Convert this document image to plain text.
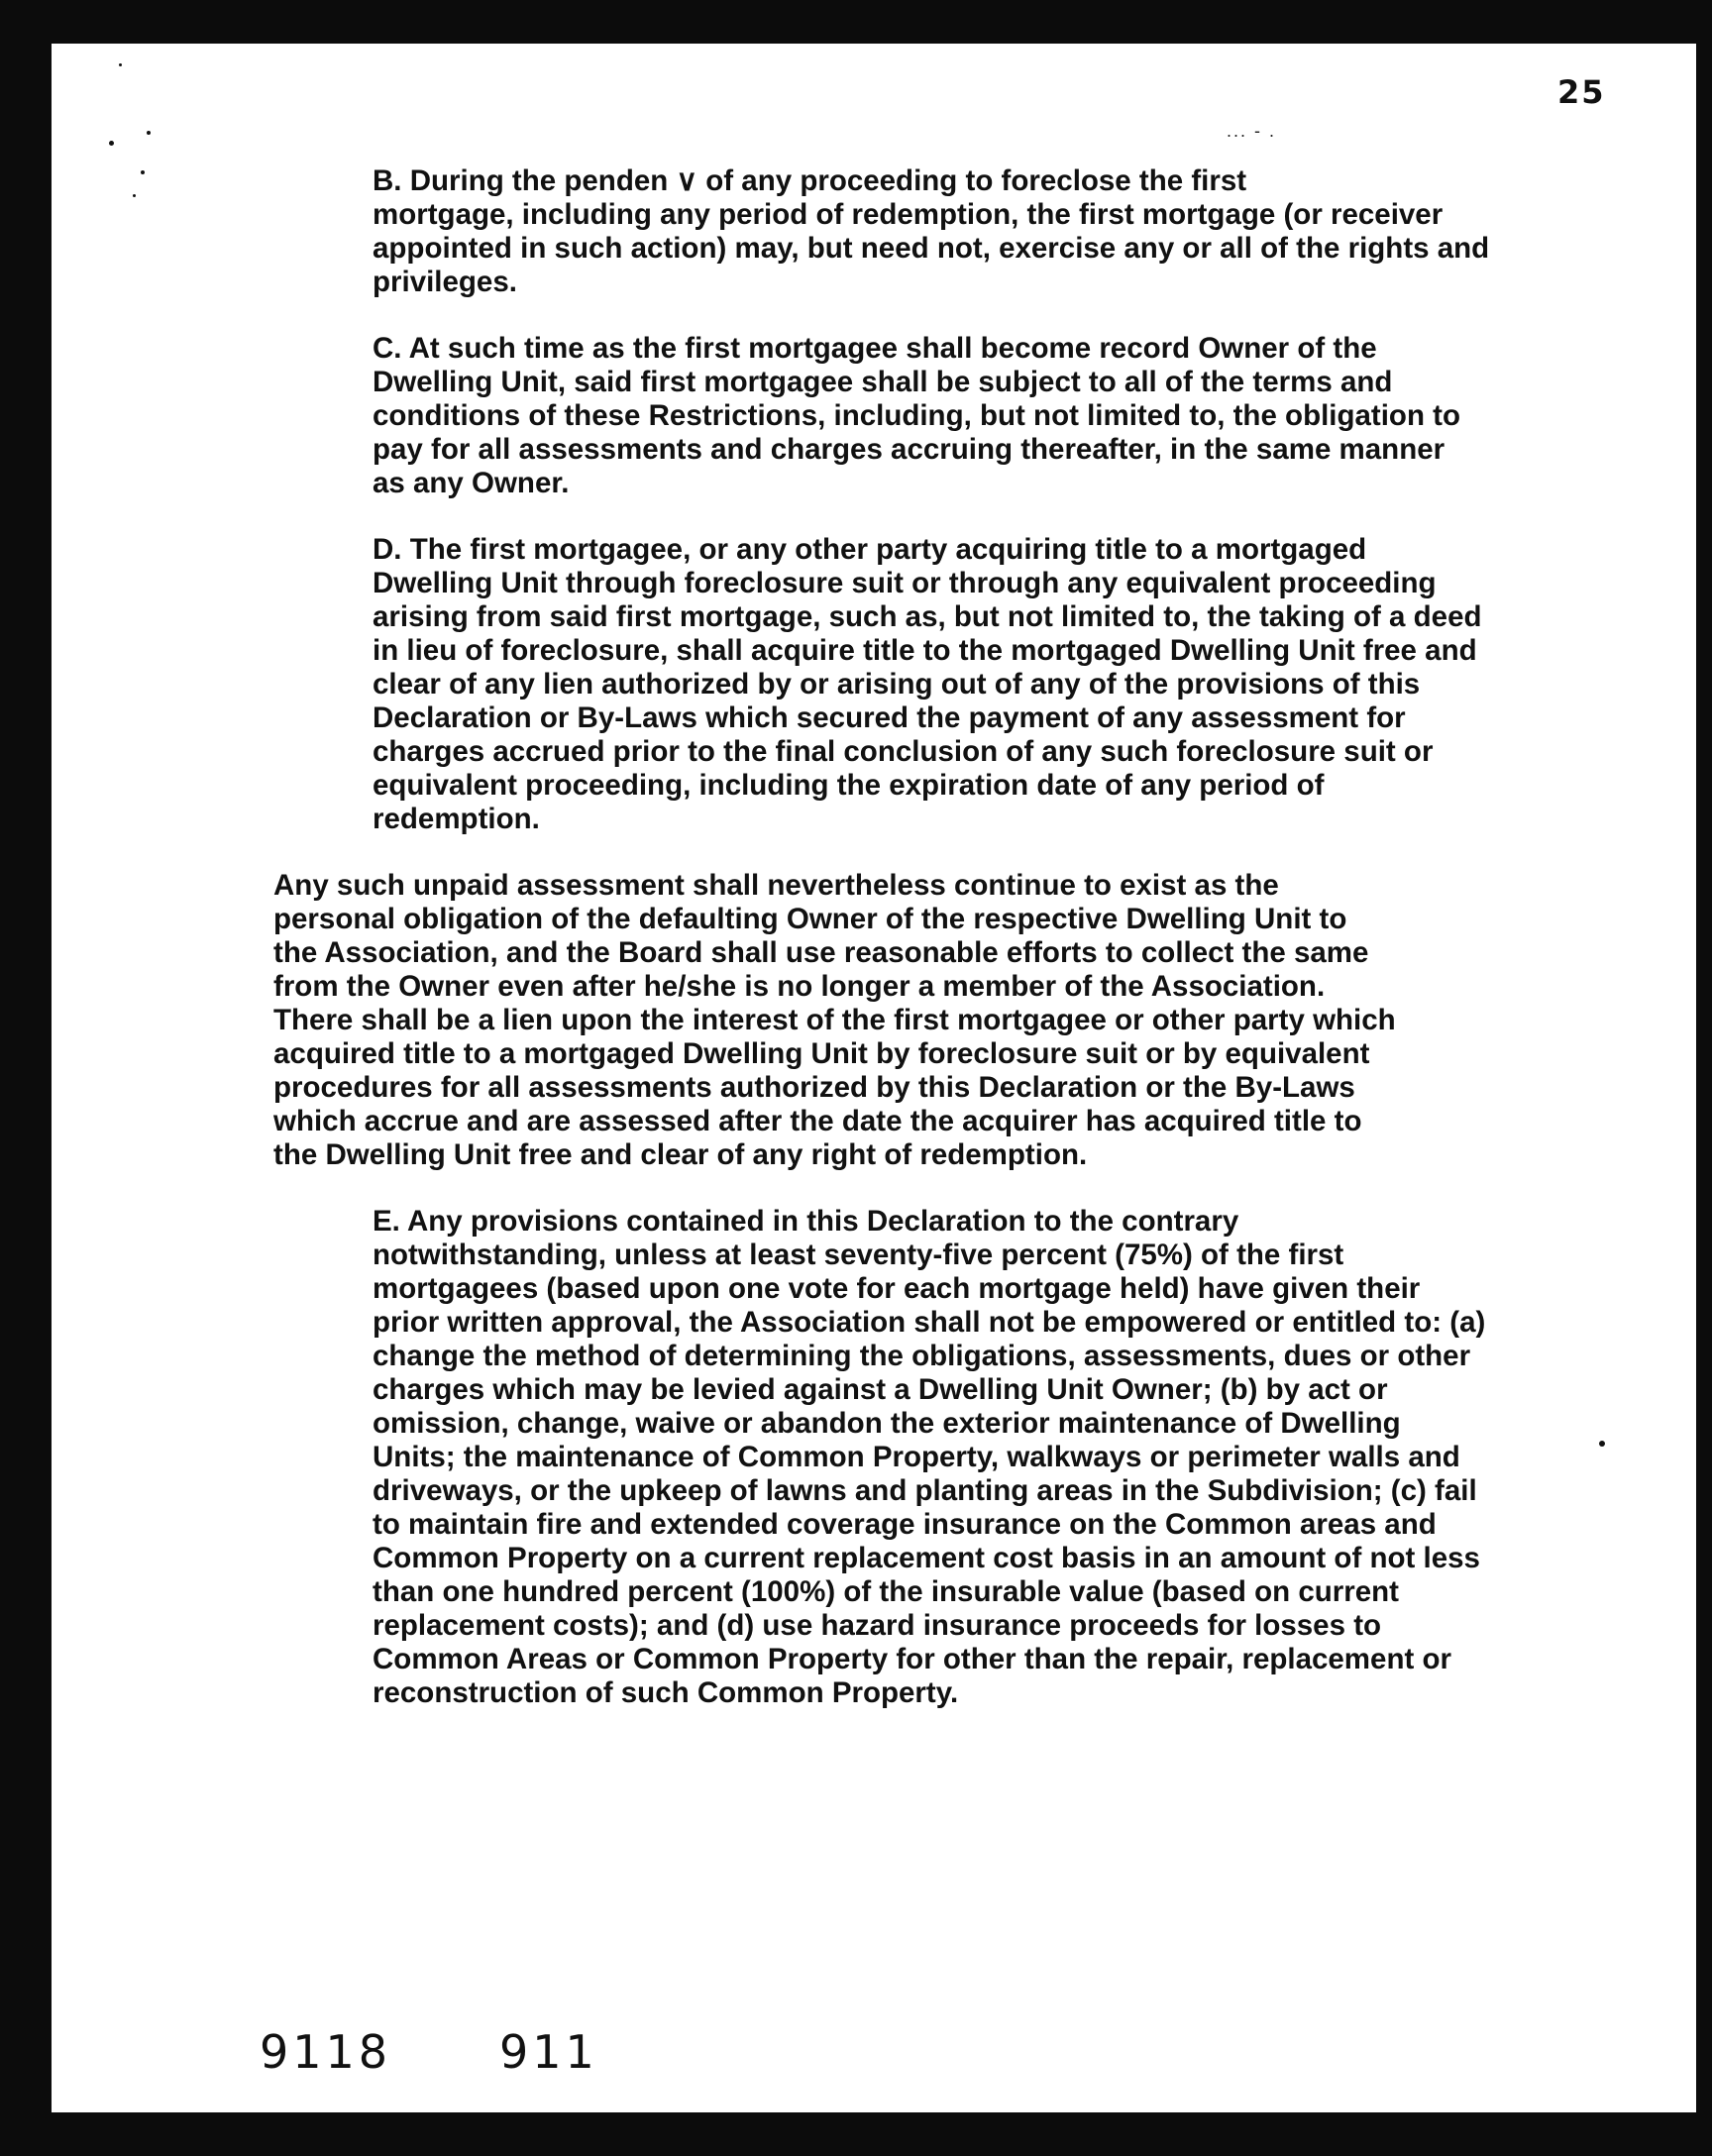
25
... - .

B. During the penden ∨ of any proceeding to foreclose the first
mortgage, including any period of redemption, the first mortgage (or receiver
appointed in such action) may, but need not, exercise any or all of the rights and
privileges.

C. At such time as the first mortgagee shall become record Owner of the
Dwelling Unit, said first mortgagee shall be subject to all of the terms and
conditions of these Restrictions, including, but not limited to, the obligation to
pay for all assessments and charges accruing thereafter, in the same manner
as any Owner.

D. The first mortgagee, or any other party acquiring title to a mortgaged
Dwelling Unit through foreclosure suit or through any equivalent proceeding
arising from said first mortgage, such as, but not limited to, the taking of a deed
in lieu of foreclosure, shall acquire title to the mortgaged Dwelling Unit free and
clear of any lien authorized by or arising out of any of the provisions of this
Declaration or By-Laws which secured the payment of any assessment for
charges accrued prior to the final conclusion of any such foreclosure suit or
equivalent proceeding, including the expiration date of any period of
redemption.

Any such unpaid assessment shall nevertheless continue to exist as the
personal obligation of the defaulting Owner of the respective Dwelling Unit to
the Association, and the Board shall use reasonable efforts to collect the same
from the Owner even after he/she is no longer a member of the Association.
There shall be a lien upon the interest of the first mortgagee or other party which
acquired title to a mortgaged Dwelling Unit by foreclosure suit or by equivalent
procedures for all assessments authorized by this Declaration or the By-Laws
which accrue and are assessed after the date the acquirer has acquired title to
the Dwelling Unit free and clear of any right of redemption.

E. Any provisions contained in this Declaration to the contrary
notwithstanding, unless at least seventy-five percent (75%) of the first
mortgagees (based upon one vote for each mortgage held) have given their
prior written approval, the Association shall not be empowered or entitled to: (a)
change the method of determining the obligations, assessments, dues or other
charges which may be levied against a Dwelling Unit Owner; (b) by act or
omission, change, waive or abandon the exterior maintenance of Dwelling
Units; the maintenance of Common Property, walkways or perimeter walls and
driveways, or the upkeep of lawns and planting areas in the Subdivision; (c) fail
to maintain fire and extended coverage insurance on the Common areas and
Common Property on a current replacement cost basis in an amount of not less
than one hundred percent (100%) of the insurable value (based on current
replacement costs); and (d) use hazard insurance proceeds for losses to
Common Areas or Common Property for other than the repair, replacement or
reconstruction of such Common Property.

9118 911
